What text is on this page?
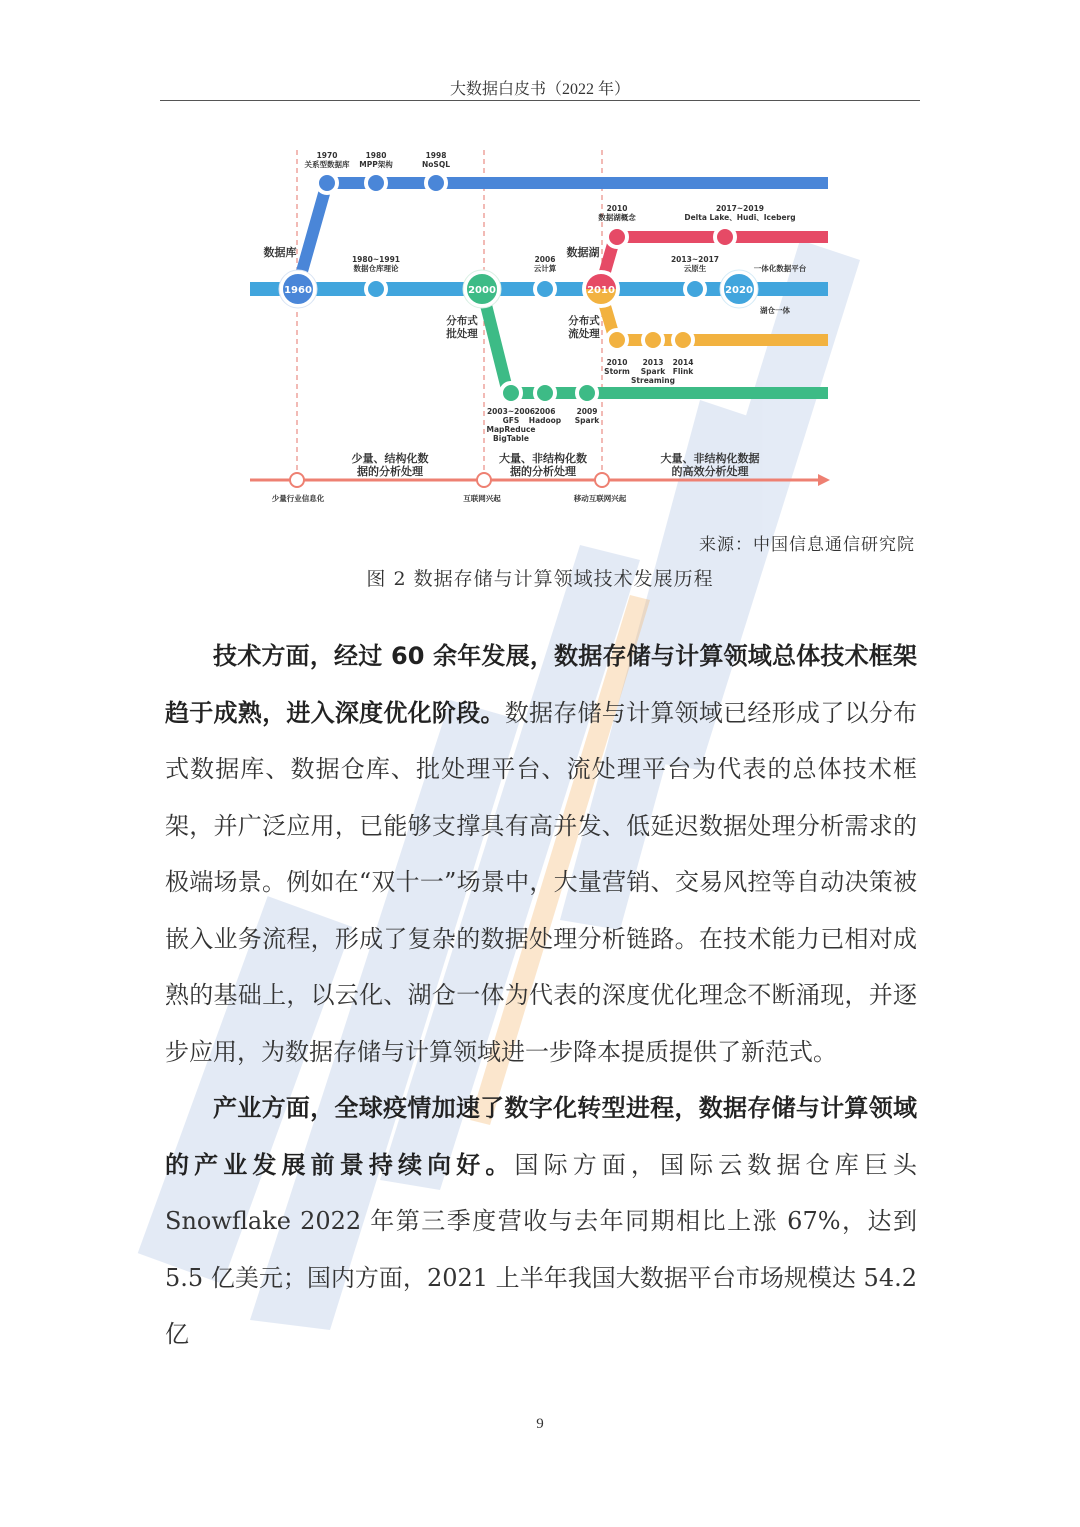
大数据白皮书（2022 年）
1970
关系型数据库
1980
MPP架构
1998
NoSQL
数据库
1980~1991
数据仓库理论
2006
云计算
2013~2017
云原生	一体化数据平台
湖仓一体
2010
数据湖概念
2017~2019
Delta Lake、Hudi、Iceberg
数据湖
2010
Storm
2013
Spark
Streaming
2014
Flink
分布式
流处理
2003~2006
GFS
MapReduce
BigTable
2006
Hadoop
2009
Spark
分布式
批处理
1960	2000	2010	2020
少量、结构化数
据的分析处理
大量、非结构化数
据的分析处理
大量、非结构化数据
的高效分析处理
少量行业信息化	互联网兴起	移动互联网兴起
来源：中国信息通信研究院
图 2 数据存储与计算领域技术发展历程

技术方面，经过 60 余年发展，数据存储与计算领域总体技术框架趋于成熟，进入深度优化阶段。数据存储与计算领域已经形成了以分布式数据库、数据仓库、批处理平台、流处理平台为代表的总体技术框架，并广泛应用，已能够支撑具有高并发、低延迟数据处理分析需求的极端场景。例如在“双十一”场景中，大量营销、交易风控等自动决策被嵌入业务流程，形成了复杂的数据处理分析链路。在技术能力已相对成熟的基础上，以云化、湖仓一体为代表的深度优化理念不断涌现，并逐步应用，为数据存储与计算领域进一步降本提质提供了新范式。

产业方面，全球疫情加速了数字化转型进程，数据存储与计算领域的产业发展前景持续向好。国际方面，国际云数据仓库巨头 Snowflake 2022 年第三季度营收与去年同期相比上涨 67%，达到 5.5 亿美元；国内方面，2021 上半年我国大数据平台市场规模达 54.2 亿

9
